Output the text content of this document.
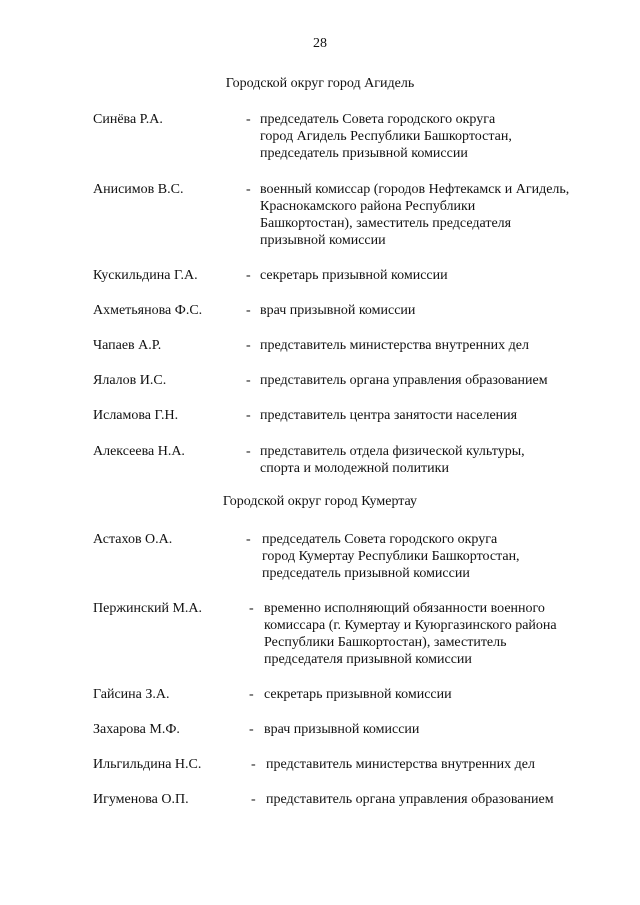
28
Городской округ город Агидель
Синёва Р.А.	- председатель Совета городского округа
город Агидель Республики Башкортостан,
председатель призывной комиссии
Анисимов В.С.	- военный комиссар (городов Нефтекамск и Агидель,
Краснокамского района Республики
Башкортостан), заместитель председателя
призывной комиссии
Кускильдина Г.А.	- секретарь призывной комиссии
Ахметьянова Ф.С.	- врач призывной комиссии
Чапаев А.Р.	- представитель министерства внутренних дел
Ялалов И.С.	- представитель органа управления образованием
Исламова Г.Н.	- представитель центра занятости населения
Алексеева Н.А.	- представитель отдела физической культуры,
спорта и молодежной политики
Городской округ город Кумертау
Астахов О.А.	- председатель Совета городского округа
город Кумертау Республики Башкортостан,
председатель призывной комиссии
Пержинский М.А.	- временно исполняющий обязанности военного
комиссара (г. Кумертау и Куюргазинского района
Республики Башкортостан), заместитель
председателя призывной комиссии
Гайсина З.А.	- секретарь призывной комиссии
Захарова М.Ф.	- врач призывной комиссии
Ильгильдина Н.С.	- представитель министерства внутренних дел
Игуменова О.П.	- представитель органа управления образованием
